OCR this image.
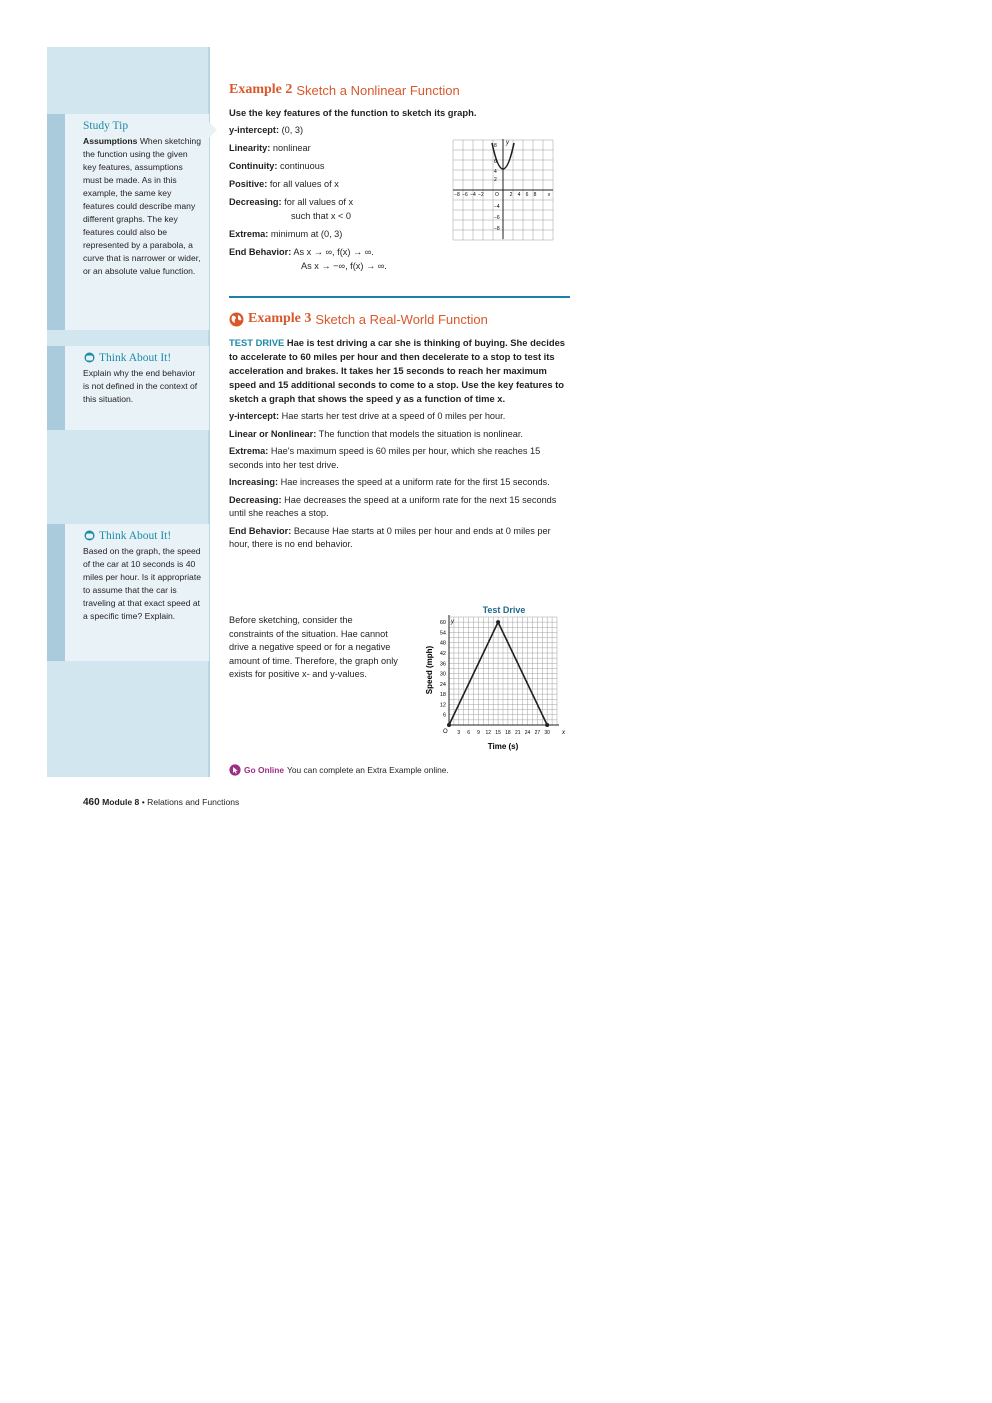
Study Tip
Assumptions When sketching the function using the given key features, assumptions must be made. As in this example, the same key features could describe many different graphs. The key features could also be represented by a parabola, a curve that is narrower or wider, or an absolute value function.
Think About It!
Explain why the end behavior is not defined in the context of this situation.
Think About It!
Based on the graph, the speed of the car at 10 seconds is 40 miles per hour. Is it appropriate to assume that the car is traveling at that exact speed at a specific time? Explain.
Example 2 Sketch a Nonlinear Function
Use the key features of the function to sketch its graph.
y-intercept: (0, 3)
Linearity: nonlinear
Continuity: continuous
Positive: for all values of x
Decreasing: for all values of x
such that x < 0
Extrema: minimum at (0, 3)
End Behavior: As x → ∞, f(x) → ∞.
As x → −∞, f(x) → ∞.
8
6
4
2
−4
−6
−8
y
−8 −6 −4 −2 O 2 4 6 8 x
Example 3 Sketch a Real-World Function
TEST DRIVE Hae is test driving a car she is thinking of buying. She decides to accelerate to 60 miles per hour and then decelerate to a stop to test its acceleration and brakes. It takes her 15 seconds to reach her maximum speed and 15 additional seconds to come to a stop. Use the key features to sketch a graph that shows the speed y as a function of time x.
y-intercept: Hae starts her test drive at a speed of 0 miles per hour.
Linear or Nonlinear: The function that models the situation is nonlinear.
Extrema: Hae's maximum speed is 60 miles per hour, which she reaches 15 seconds into her test drive.
Increasing: Hae increases the speed at a uniform rate for the first 15 seconds.
Decreasing: Hae decreases the speed at a uniform rate for the next 15 seconds until she reaches a stop.
End Behavior: Because Hae starts at 0 miles per hour and ends at 0 miles per hour, there is no end behavior.
Before sketching, consider the constraints of the situation. Hae cannot drive a negative speed or for a negative amount of time. Therefore, the graph only exists for positive x- and y-values.
Test Drive
O	x
y
3 6 9 12 15 18 21 24 27 30
6
12
18
24
30
36
42
48
54
60
Time (s)
Speed (mph)
Go Online You can complete an Extra Example online.
460 Module 8 • Relations and Functions
